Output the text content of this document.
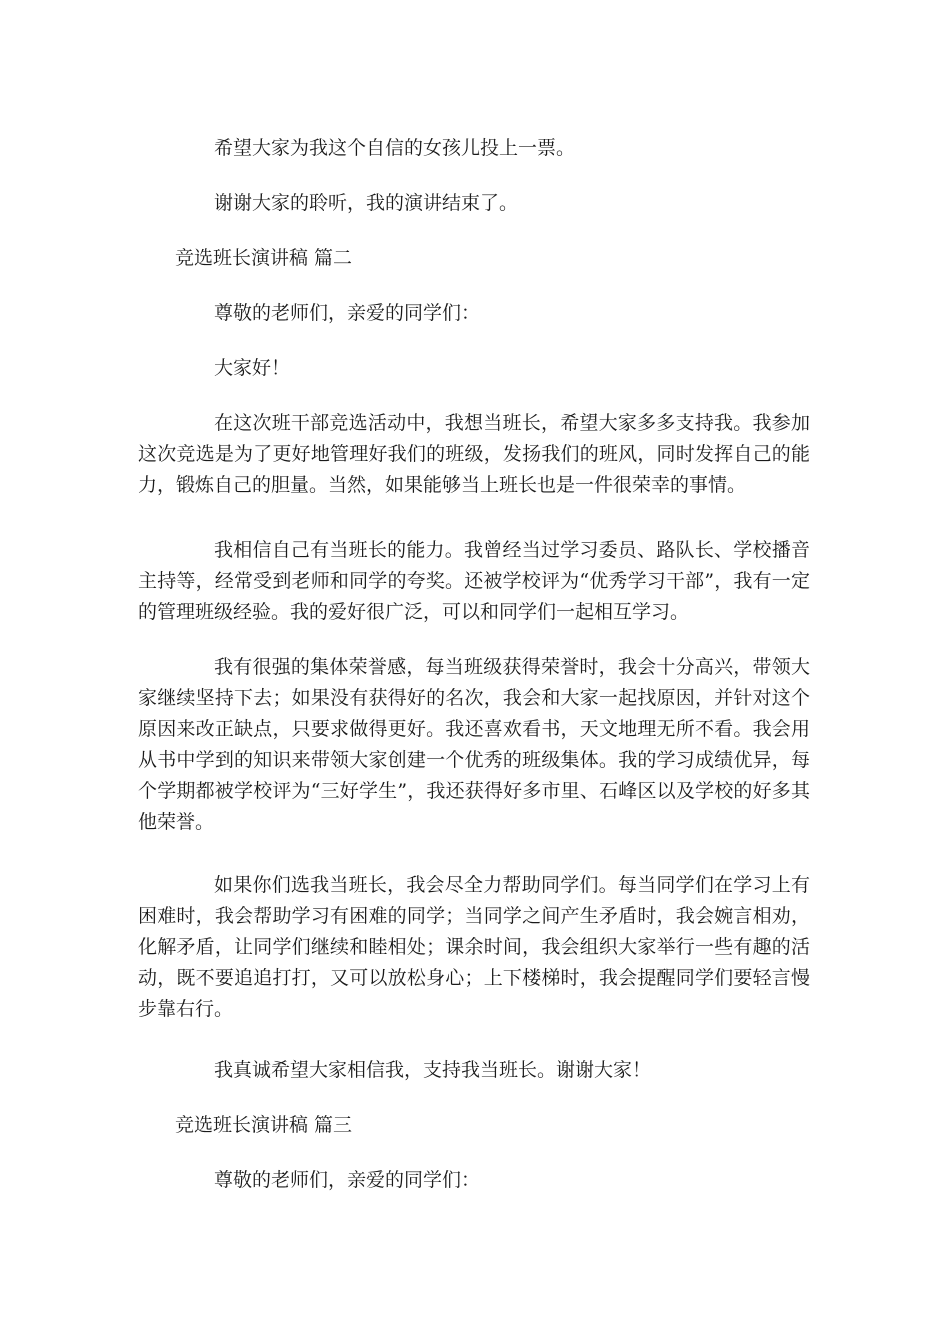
希望大家为我这个自信的女孩儿投上一票。

谢谢大家的聆听，我的演讲结束了。

竞选班长演讲稿 篇二

尊敬的老师们，亲爱的同学们：

大家好！

在这次班干部竞选活动中，我想当班长，希望大家多多支持我。我参加这次竞选是为了更好地管理好我们的班级，发扬我们的班风，同时发挥自己的能力，锻炼自己的胆量。当然，如果能够当上班长也是一件很荣幸的事情。

我相信自己有当班长的能力。我曾经当过学习委员、路队长、学校播音主持等，经常受到老师和同学的夸奖。还被学校评为“优秀学习干部”，我有一定的管理班级经验。我的爱好很广泛，可以和同学们一起相互学习。

我有很强的集体荣誉感，每当班级获得荣誉时，我会十分高兴，带领大家继续坚持下去；如果没有获得好的名次，我会和大家一起找原因，并针对这个原因来改正缺点，只要求做得更好。我还喜欢看书，天文地理无所不看。我会用从书中学到的知识来带领大家创建一个优秀的班级集体。我的学习成绩优异，每个学期都被学校评为“三好学生”，我还获得好多市里、石峰区以及学校的好多其他荣誉。

如果你们选我当班长，我会尽全力帮助同学们。每当同学们在学习上有困难时，我会帮助学习有困难的同学；当同学之间产生矛盾时，我会婉言相劝，化解矛盾，让同学们继续和睦相处；课余时间，我会组织大家举行一些有趣的活动，既不要追追打打，又可以放松身心；上下楼梯时，我会提醒同学们要轻言慢步靠右行。

我真诚希望大家相信我，支持我当班长。谢谢大家！

竞选班长演讲稿 篇三

尊敬的老师们，亲爱的同学们：
